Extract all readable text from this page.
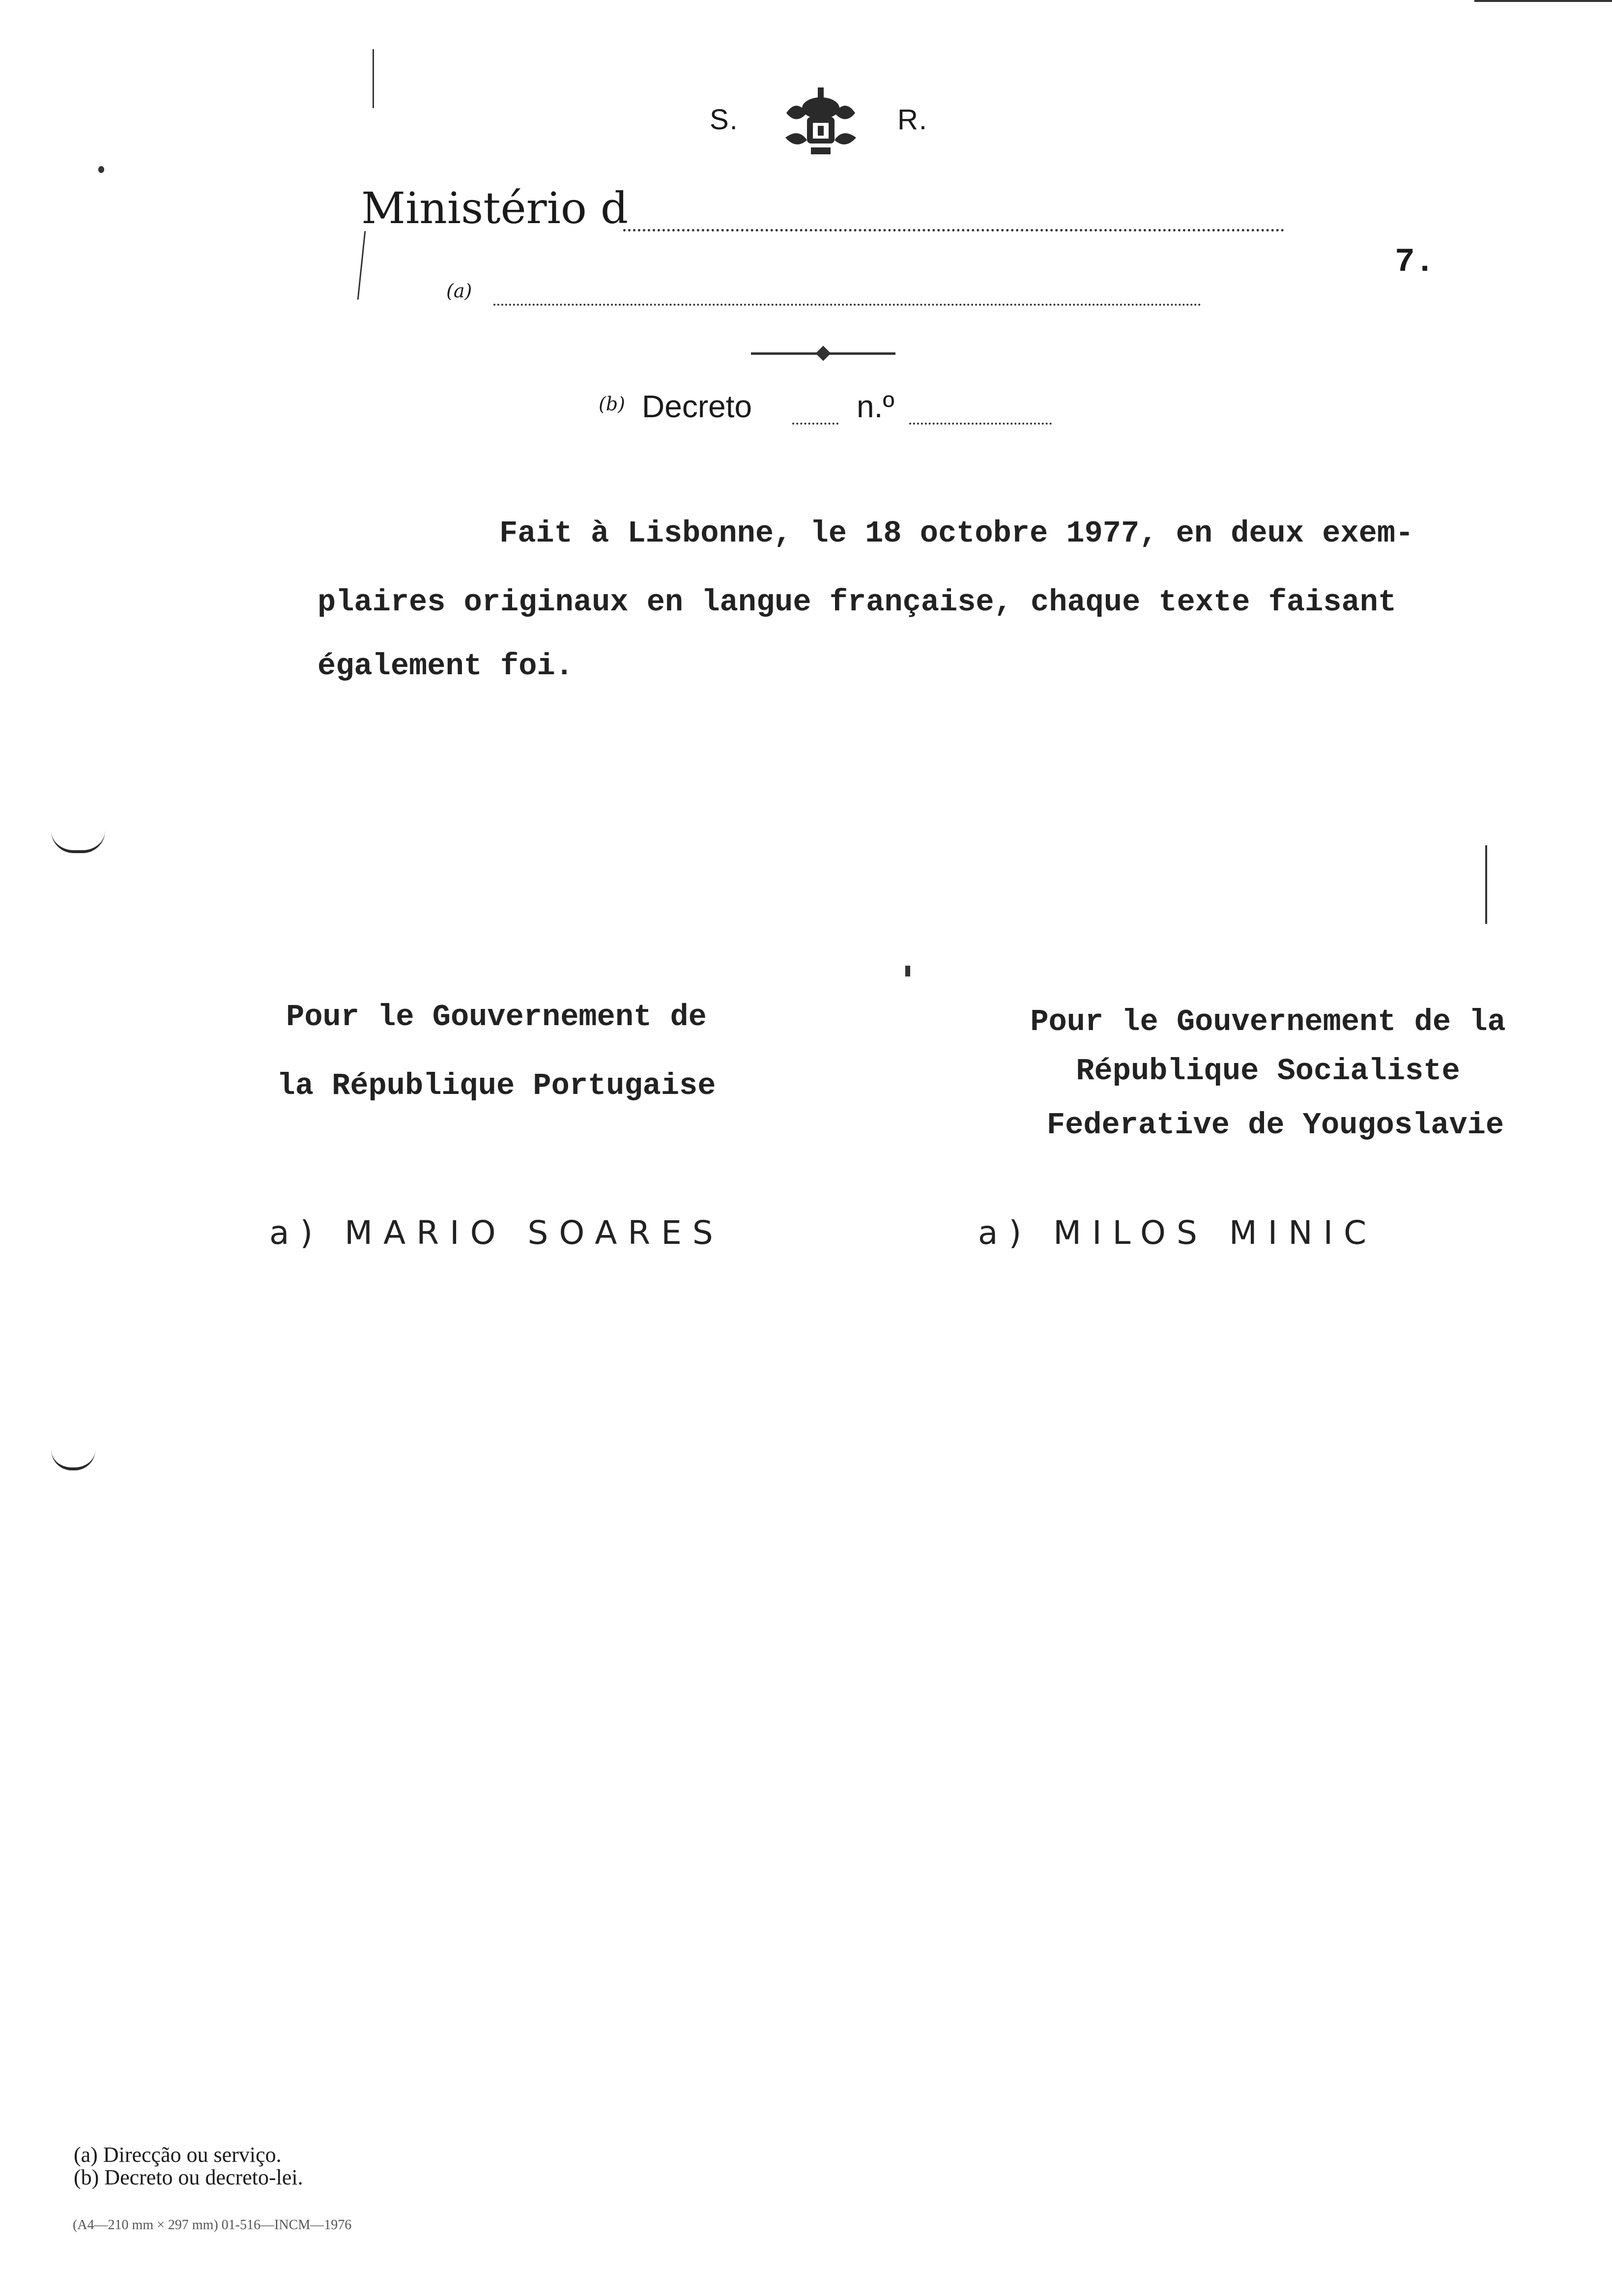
S.	R.
Ministério d
(a)
7.
(b) Decreto	n.º
Fait à Lisbonne, le 18 octobre 1977, en deux exem-
plaires originaux en langue française, chaque texte faisant
également foi.
Pour le Gouvernement de
la République Portugaise
a) MARIO SOARES
Pour le Gouvernement de la
République Socialiste
Federative de Yougoslavie
a) MILOS MINIC
(a) Direcção ou serviço.
(b) Decreto ou decreto-lei.
(A4—210 mm × 297 mm) 01-516—INCM—1976
